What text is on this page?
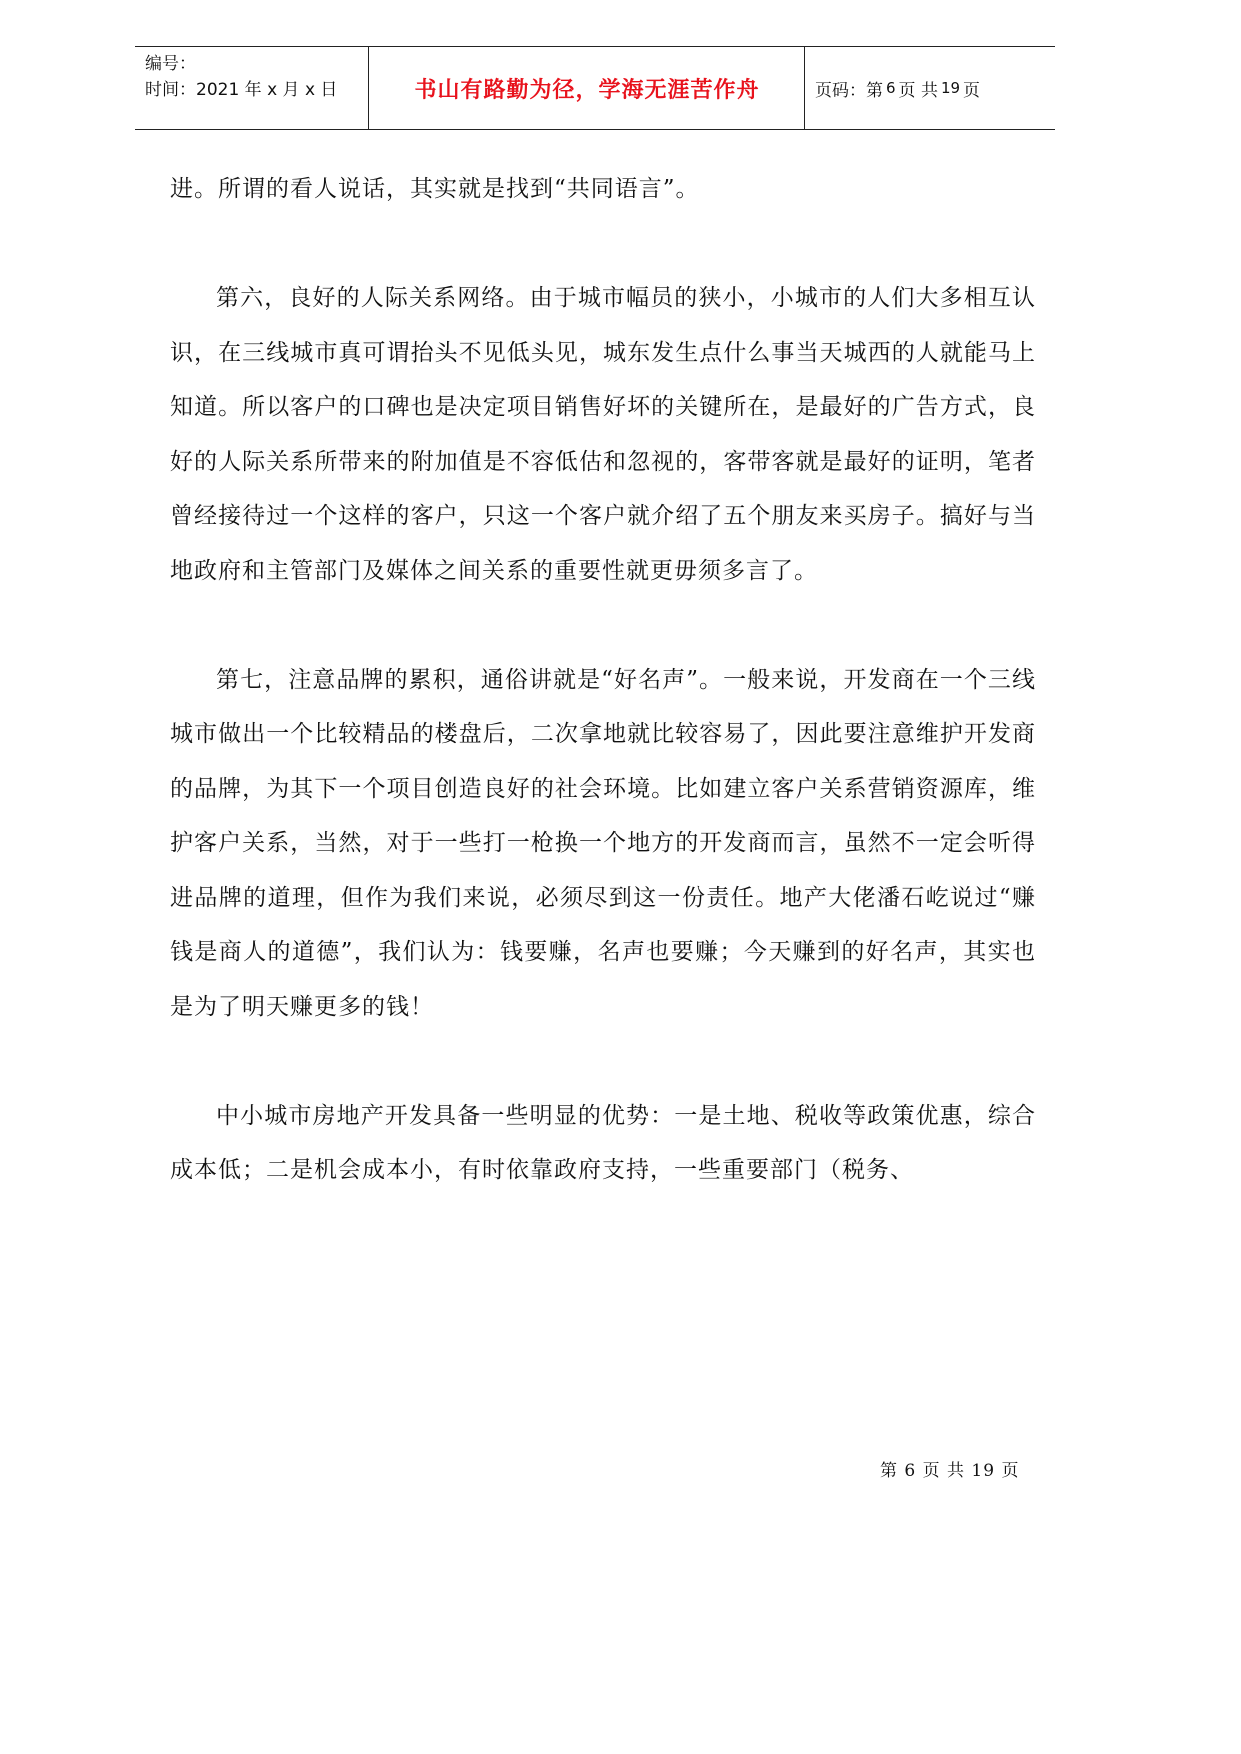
编号：
时间：2021 年 x 月 x 日	书山有路勤为径，学海无涯苦作舟	页码：第 6 页 共 19 页

进。所谓的看人说话，其实就是找到“共同语言”。

第六，良好的人际关系网络。由于城市幅员的狭小，小城市的人们大多相互认识，在三线城市真可谓抬头不见低头见，城东发生点什么事当天城西的人就能马上知道。所以客户的口碑也是决定项目销售好坏的关键所在，是最好的广告方式，良好的人际关系所带来的附加值是不容低估和忽视的，客带客就是最好的证明，笔者曾经接待过一个这样的客户，只这一个客户就介绍了五个朋友来买房子。搞好与当地政府和主管部门及媒体之间关系的重要性就更毋须多言了。

第七，注意品牌的累积，通俗讲就是“好名声”。一般来说，开发商在一个三线城市做出一个比较精品的楼盘后，二次拿地就比较容易了，因此要注意维护开发商的品牌，为其下一个项目创造良好的社会环境。比如建立客户关系营销资源库，维护客户关系，当然，对于一些打一枪换一个地方的开发商而言，虽然不一定会听得进品牌的道理，但作为我们来说，必须尽到这一份责任。地产大佬潘石屹说过“赚钱是商人的道德”，我们认为：钱要赚，名声也要赚；今天赚到的好名声，其实也是为了明天赚更多的钱！

中小城市房地产开发具备一些明显的优势：一是土地、税收等政策优惠，综合成本低；二是机会成本小，有时依靠政府支持，一些重要部门（税务、

第 6 页 共 19 页
